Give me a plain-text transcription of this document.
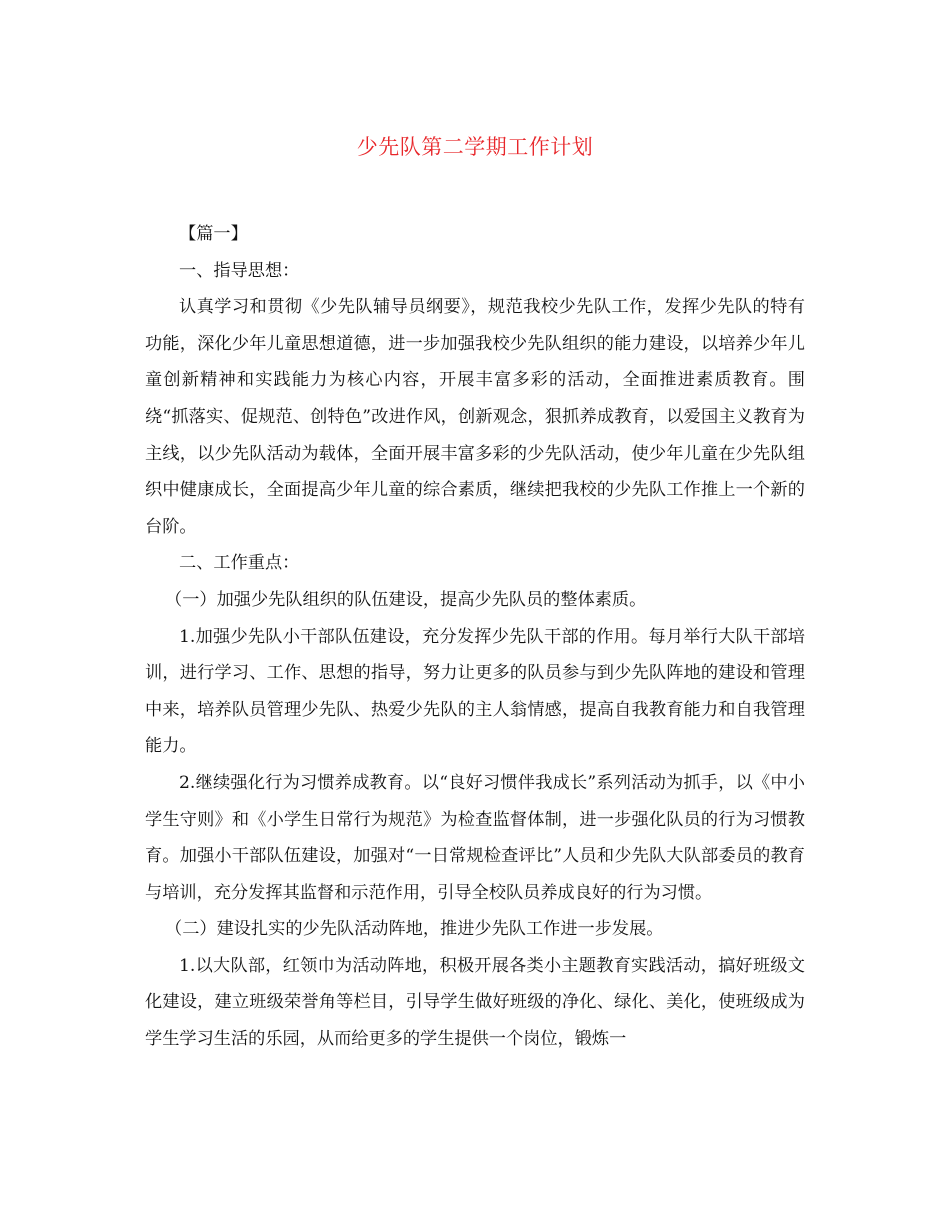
少先队第二学期工作计划

【篇一】

一、指导思想：

认真学习和贯彻《少先队辅导员纲要》，规范我校少先队工作，发挥少先队的特有功能，深化少年儿童思想道德，进一步加强我校少先队组织的能力建设，以培养少年儿童创新精神和实践能力为核心内容，开展丰富多彩的活动，全面推进素质教育。围绕“抓落实、促规范、创特色”改进作风，创新观念，狠抓养成教育，以爱国主义教育为主线，以少先队活动为载体，全面开展丰富多彩的少先队活动，使少年儿童在少先队组织中健康成长，全面提高少年儿童的综合素质，继续把我校的少先队工作推上一个新的台阶。

二、工作重点：

（一）加强少先队组织的队伍建设，提高少先队员的整体素质。

1.加强少先队小干部队伍建设，充分发挥少先队干部的作用。每月举行大队干部培训，进行学习、工作、思想的指导，努力让更多的队员参与到少先队阵地的建设和管理中来，培养队员管理少先队、热爱少先队的主人翁情感，提高自我教育能力和自我管理能力。

2.继续强化行为习惯养成教育。以“良好习惯伴我成长”系列活动为抓手，以《中小学生守则》和《小学生日常行为规范》为检查监督体制，进一步强化队员的行为习惯教育。加强小干部队伍建设，加强对“一日常规检查评比”人员和少先队大队部委员的教育与培训，充分发挥其监督和示范作用，引导全校队员养成良好的行为习惯。

（二）建设扎实的少先队活动阵地，推进少先队工作进一步发展。

1.以大队部，红领巾为活动阵地，积极开展各类小主题教育实践活动，搞好班级文化建设，建立班级荣誉角等栏目，引导学生做好班级的净化、绿化、美化，使班级成为学生学习生活的乐园，从而给更多的学生提供一个岗位，锻炼一
